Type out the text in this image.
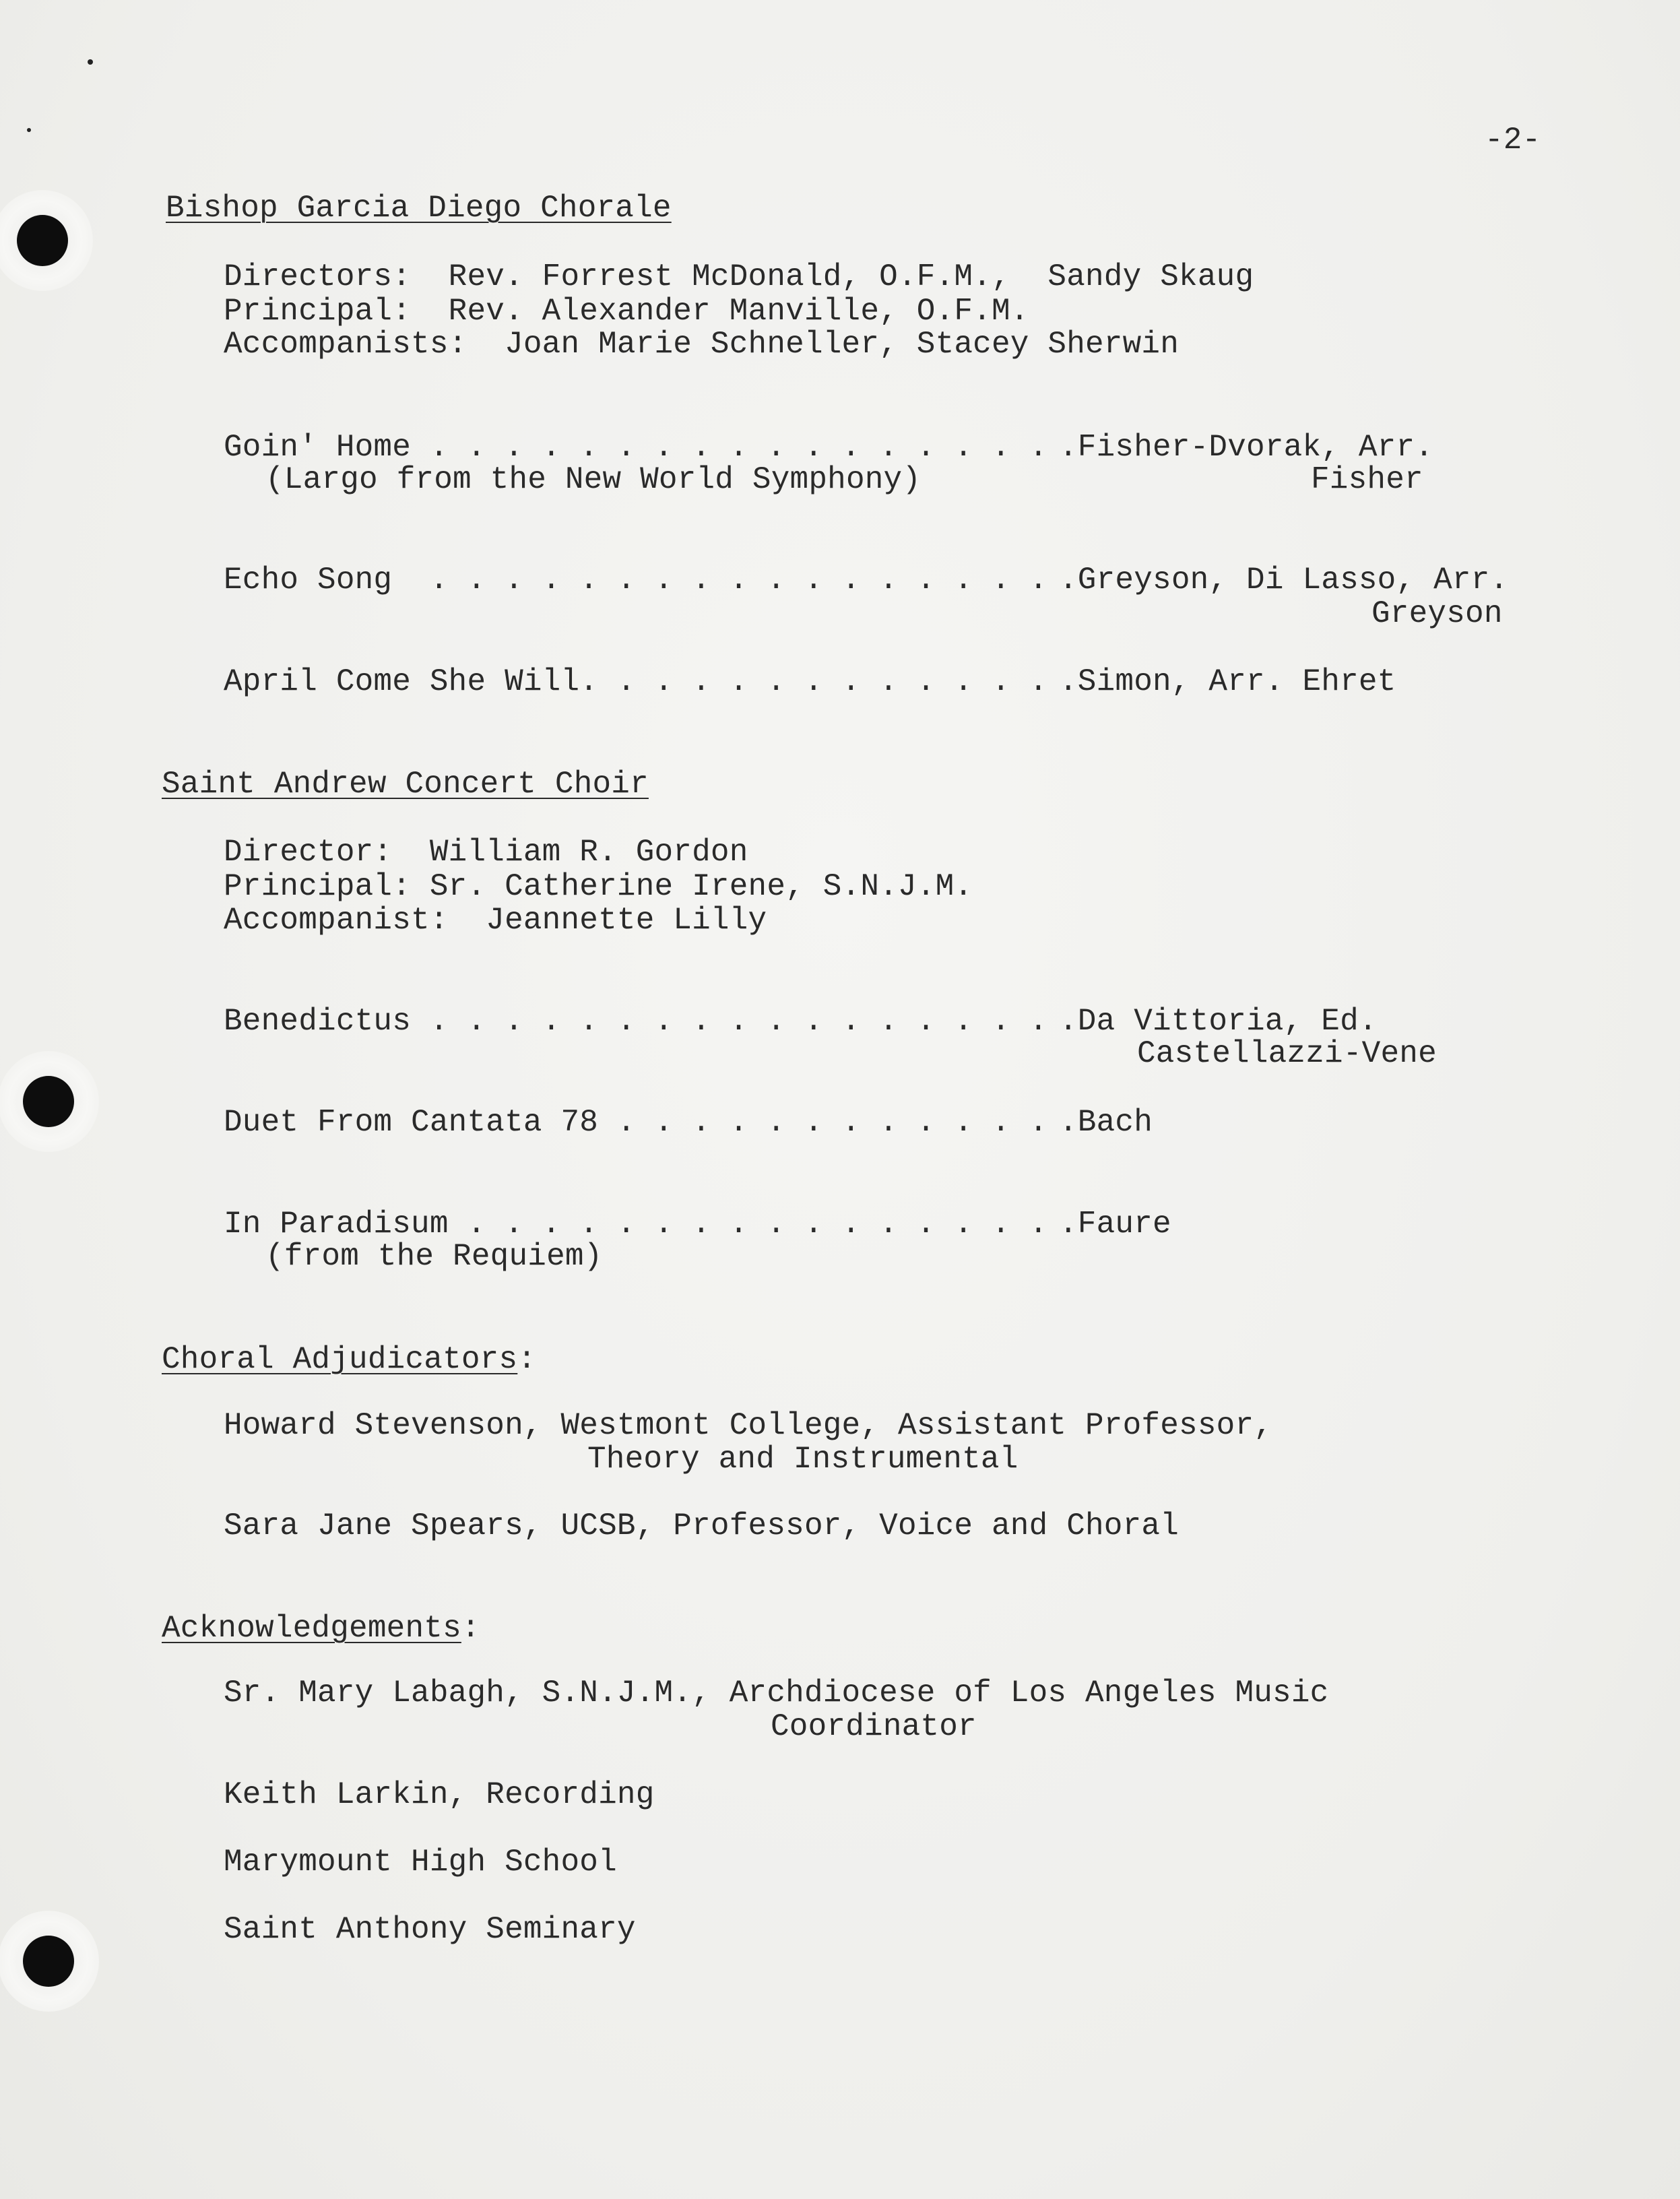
-2-
Bishop Garcia Diego Chorale
Directors:  Rev. Forrest McDonald, O.F.M.,  Sandy Skaug
Principal:  Rev. Alexander Manville, O.F.M.
Accompanists:  Joan Marie Schneller, Stacey Sherwin
Goin' Home . . . . . . . . . . . . . . . . . .Fisher-Dvorak, Arr.
(Largo from the New World Symphony)	Fisher
Echo Song  . . . . . . . . . . . . . . . . . .Greyson, Di Lasso, Arr.
Greyson
April Come She Will. . . . . . . . . . . . . .Simon, Arr. Ehret
Saint Andrew Concert Choir
Director:  William R. Gordon
Principal: Sr. Catherine Irene, S.N.J.M.
Accompanist:  Jeannette Lilly
Benedictus . . . . . . . . . . . . . . . . . .Da Vittoria, Ed.
Castellazzi-Vene
Duet From Cantata 78 . . . . . . . . . . . . .Bach
In Paradisum . . . . . . . . . . . . . . . . .Faure
(from the Requiem)
Choral Adjudicators:
Howard Stevenson, Westmont College, Assistant Professor,
Theory and Instrumental
Sara Jane Spears, UCSB, Professor, Voice and Choral
Acknowledgements:
Sr. Mary Labagh, S.N.J.M., Archdiocese of Los Angeles Music
Coordinator
Keith Larkin, Recording
Marymount High School
Saint Anthony Seminary
